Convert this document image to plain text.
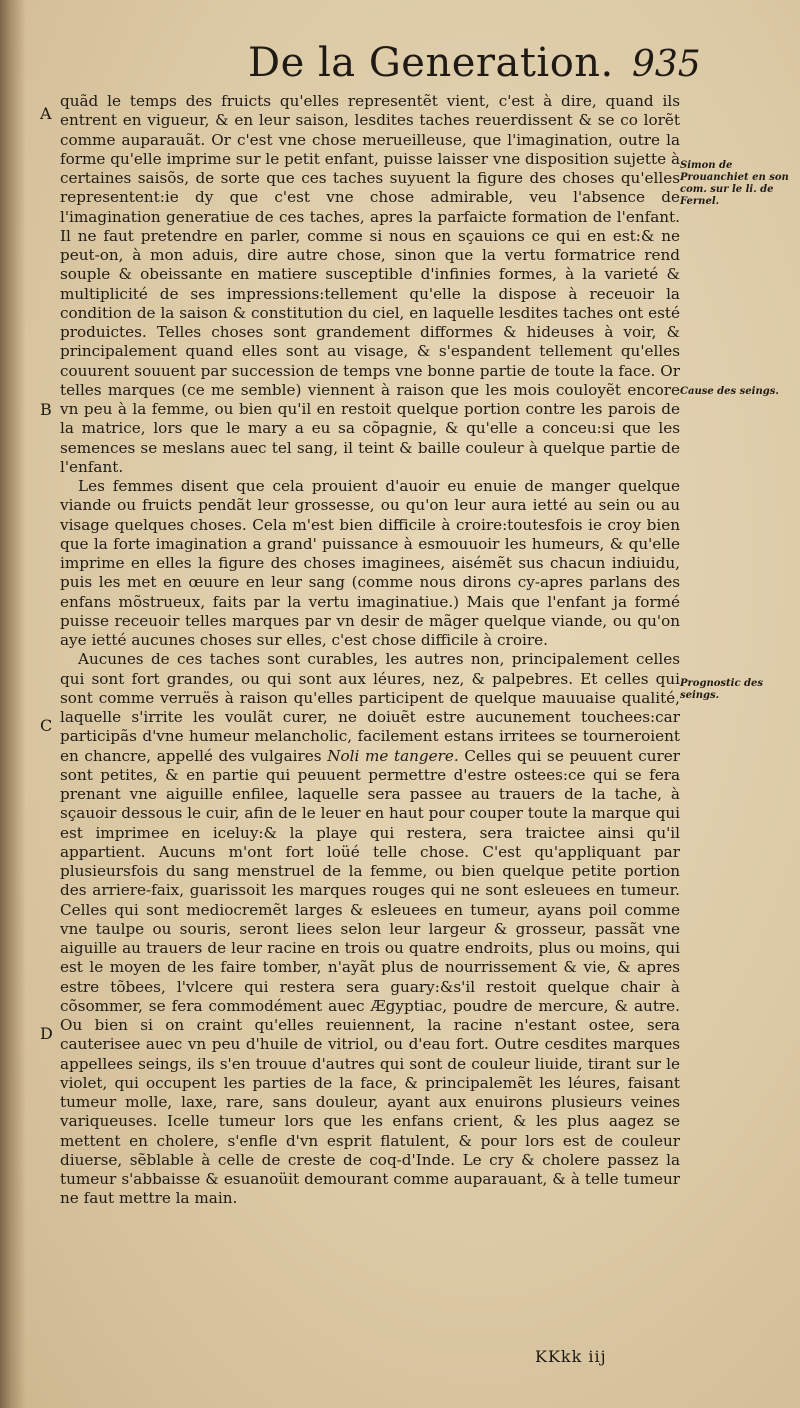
De la Generation. 935
A
B
C
D
Simon de Prouanchiet en son com. sur le li. de Fernel.
Cause des seings.
Prognostic des seings.

quãd le temps des fruicts qu'elles representẽt vient, c'est à dire, quand ils entrent en vigueur, & en leur saison, lesdites taches reuerdissent & se co lorẽt comme auparauãt. Or c'est vne chose merueilleuse, que l'imagination, outre la forme qu'elle imprime sur le petit enfant, puisse laisser vne disposition sujette à certaines saisõs, de sorte que ces taches suyuent la figure des choses qu'elles representent:ie dy que c'est vne chose admirable, veu l'absence de l'imagination generatiue de ces taches, apres la parfaicte formation de l'enfant. Il ne faut pretendre en parler, comme si nous en sçauions ce qui en est:& ne peut-on, à mon aduis, dire autre chose, sinon que la vertu formatrice rend souple & obeissante en matiere susceptible d'infinies formes, à la varieté & multiplicité de ses impressions:tellement qu'elle la dispose à receuoir la condition de la saison & constitution du ciel, en laquelle lesdites taches ont esté produictes. Telles choses sont grandement difformes & hideuses à voir, & principalement quand elles sont au visage, & s'espandent tellement qu'elles couurent souuent par succession de temps vne bonne partie de toute la face. Or telles marques (ce me semble) viennent à raison que les mois couloyẽt encore vn peu à la femme, ou bien qu'il en restoit quelque portion contre les parois de la matrice, lors que le mary a eu sa cõpagnie, & qu'elle a conceu:si que les semences se meslans auec tel sang, il teint & baille couleur à quelque partie de l'enfant.

Les femmes disent que cela prouient d'auoir eu enuie de manger quelque viande ou fruicts pendãt leur grossesse, ou qu'on leur aura ietté au sein ou au visage quelques choses. Cela m'est bien difficile à croire:toutesfois ie croy bien que la forte imagination a grand' puissance à esmouuoir les humeurs, & qu'elle imprime en elles la figure des choses imaginees, aisémẽt sus chacun indiuidu, puis les met en œuure en leur sang (comme nous dirons cy-apres parlans des enfans mõstrueux, faits par la vertu imaginatiue.) Mais que l'enfant ja formé puisse receuoir telles marques par vn desir de mãger quelque viande, ou qu'on aye ietté aucunes choses sur elles, c'est chose difficile à croire.

Aucunes de ces taches sont curables, les autres non, principalement celles qui sont fort grandes, ou qui sont aux léures, nez, & palpebres. Et celles qui sont comme verruës à raison qu'elles participent de quelque mauuaise qualité, laquelle s'irrite les voulãt curer, ne doiuẽt estre aucunement touchees:car participãs d'vne humeur melancholic, facilement estans irritees se tourneroient en chancre, appellé des vulgaires Noli me tangere. Celles qui se peuuent curer sont petites, & en partie qui peuuent permettre d'estre ostees:ce qui se fera prenant vne aiguille enfilee, laquelle sera passee au trauers de la tache, à sçauoir dessous le cuir, afin de le leuer en haut pour couper toute la marque qui est imprimee en iceluy:& la playe qui restera, sera traictee ainsi qu'il appartient. Aucuns m'ont fort loüé telle chose. C'est qu'appliquant par plusieursfois du sang menstruel de la femme, ou bien quelque petite portion des arriere-faix, guarissoit les marques rouges qui ne sont esleuees en tumeur. Celles qui sont mediocremẽt larges & esleuees en tumeur, ayans poil comme vne taulpe ou souris, seront liees selon leur largeur & grosseur, passãt vne aiguille au trauers de leur racine en trois ou quatre endroits, plus ou moins, qui est le moyen de les faire tomber, n'ayãt plus de nourrissement & vie, & apres estre tõbees, l'vlcere qui restera sera guary:&s'il restoit quelque chair à cõsommer, se fera commodément auec Ægyptiac, poudre de mercure, & autre. Ou bien si on craint qu'elles reuiennent, la racine n'estant ostee, sera cauterisee auec vn peu d'huile de vitriol, ou d'eau fort. Outre cesdites marques appellees seings, ils s'en trouue d'autres qui sont de couleur liuide, tirant sur le violet, qui occupent les parties de la face, & principalemẽt les léures, faisant tumeur molle, laxe, rare, sans douleur, ayant aux enuirons plusieurs veines variqueuses. Icelle tumeur lors que les enfans crient, & les plus aagez se mettent en cholere, s'enfle d'vn esprit flatulent, & pour lors est de couleur diuerse, sẽblable à celle de creste de coq-d'Inde. Le cry & cholere passez la tumeur s'abbaisse & esuanoüit demourant comme auparauant, & à telle tumeur ne faut mettre la main.

KKkk iij
